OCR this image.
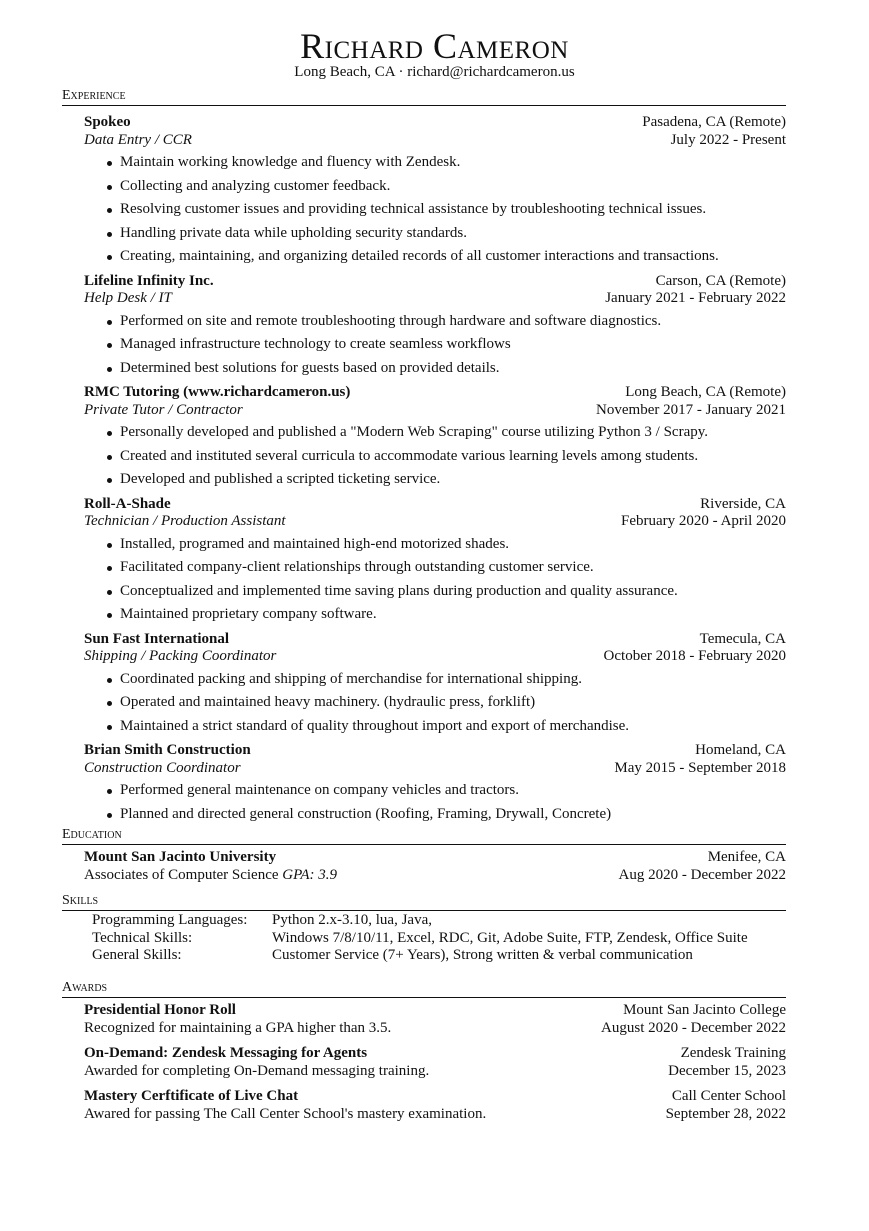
Richard Cameron
Long Beach, CA · richard@richardcameron.us
Experience
Spokeo	Pasadena, CA (Remote)
Data Entry / CCR	July 2022 - Present
Maintain working knowledge and fluency with Zendesk.
Collecting and analyzing customer feedback.
Resolving customer issues and providing technical assistance by troubleshooting technical issues.
Handling private data while upholding security standards.
Creating, maintaining, and organizing detailed records of all customer interactions and transactions.
Lifeline Infinity Inc.	Carson, CA (Remote)
Help Desk / IT	January 2021 - February 2022
Performed on site and remote troubleshooting through hardware and software diagnostics.
Managed infrastructure technology to create seamless workflows
Determined best solutions for guests based on provided details.
RMC Tutoring (www.richardcameron.us)	Long Beach, CA (Remote)
Private Tutor / Contractor	November 2017 - January 2021
Personally developed and published a "Modern Web Scraping" course utilizing Python 3 / Scrapy.
Created and instituted several curricula to accommodate various learning levels among students.
Developed and published a scripted ticketing service.
Roll-A-Shade	Riverside, CA
Technician / Production Assistant	February 2020 - April 2020
Installed, programed and maintained high-end motorized shades.
Facilitated company-client relationships through outstanding customer service.
Conceptualized and implemented time saving plans during production and quality assurance.
Maintained proprietary company software.
Sun Fast International	Temecula, CA
Shipping / Packing Coordinator	October 2018 - February 2020
Coordinated packing and shipping of merchandise for international shipping.
Operated and maintained heavy machinery. (hydraulic press, forklift)
Maintained a strict standard of quality throughout import and export of merchandise.
Brian Smith Construction	Homeland, CA
Construction Coordinator	May 2015 - September 2018
Performed general maintenance on company vehicles and tractors.
Planned and directed general construction (Roofing, Framing, Drywall, Concrete)
Education
Mount San Jacinto University	Menifee, CA
Associates of Computer Science GPA: 3.9	Aug 2020 - December 2022
Skills
Programming Languages:	Python 2.x-3.10, lua, Java,
Technical Skills:	Windows 7/8/10/11, Excel, RDC, Git, Adobe Suite, FTP, Zendesk, Office Suite
General Skills:	Customer Service (7+ Years), Strong written & verbal communication
Awards
Presidential Honor Roll	Mount San Jacinto College
Recognized for maintaining a GPA higher than 3.5.	August 2020 - December 2022
On-Demand: Zendesk Messaging for Agents	Zendesk Training
Awarded for completing On-Demand messaging training.	December 15, 2023
Mastery Cerftificate of Live Chat	Call Center School
Awared for passing The Call Center School's mastery examination.	September 28, 2022
